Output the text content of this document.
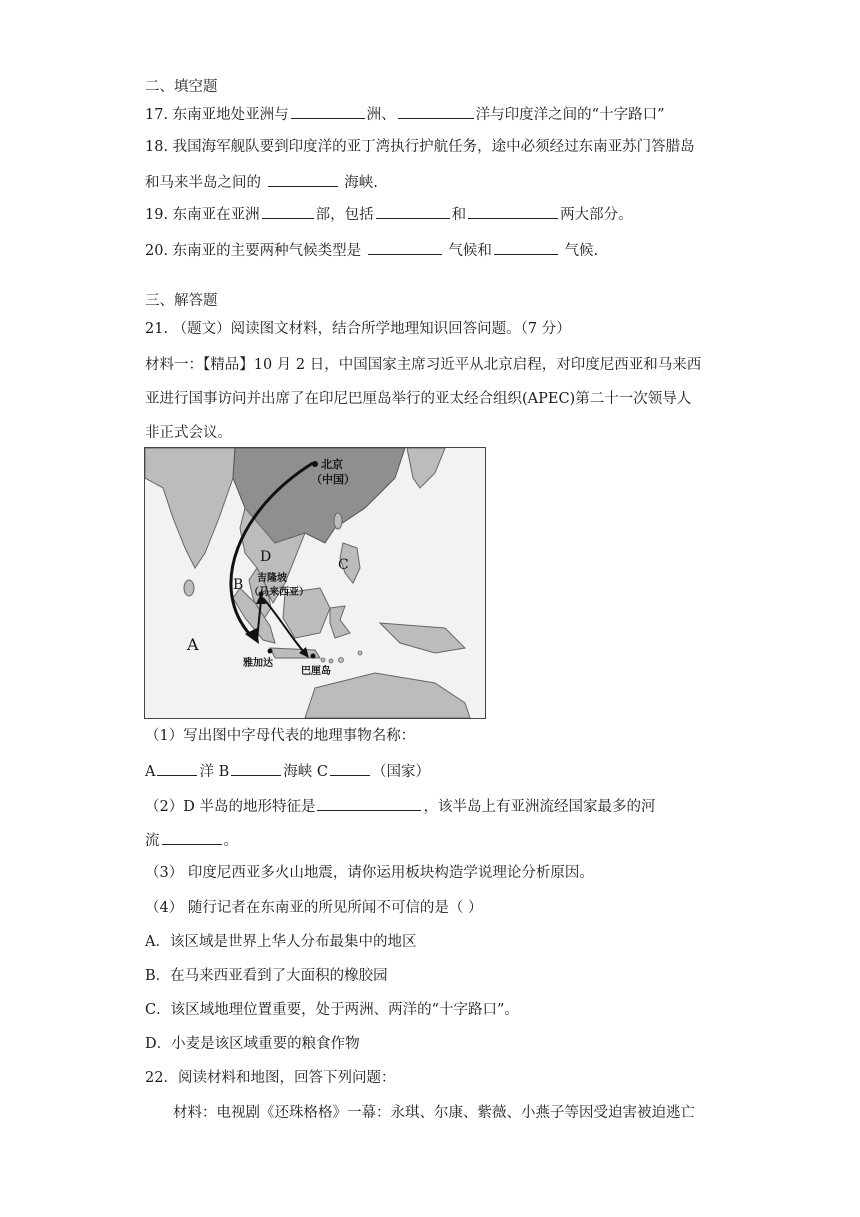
二、填空题
17. 东南亚地处亚洲与	洲、	洋与印度洋之间的“十字路口”
18. 我国海军舰队要到印度洋的亚丁湾执行护航任务，途中必须经过东南亚苏门答腊岛
和马来半岛之间的	海峡.
19. 东南亚在亚洲	部，包括	和	两大部分。
20. 东南亚的主要两种气候类型是	气候和	气候.
三、解答题
21. （题文）阅读图文材料，结合所学地理知识回答问题。（7 分）
材料一：【精品】10 月 2 日，中国国家主席习近平从北京启程，对印度尼西亚和马来西
亚进行国事访问并出席了在印尼巴厘岛举行的亚太经合组织(APEC)第二十一次领导人
非正式会议。
北京
（中国）
吉隆坡
（马来西亚）
雅加达
巴厘岛
A
B
C
D
（1）写出图中字母代表的地理事物名称：
A	洋 B	海峡 C	（国家）
（2）D 半岛的地形特征是	，该半岛上有亚洲流经国家最多的河
流	。
（3） 印度尼西亚多火山地震，请你运用板块构造学说理论分析原因。
（4） 随行记者在东南亚的所见所闻不可信的是（ ）
A．该区域是世界上华人分布最集中的地区
B．在马来西亚看到了大面积的橡胶园
C．该区域地理位置重要，处于两洲、两洋的“十字路口”。
D．小麦是该区域重要的粮食作物
22．阅读材料和地图，回答下列问题：
材料：电视剧《还珠格格》一幕：永琪、尔康、紫薇、小燕子等因受迫害被迫逃亡
